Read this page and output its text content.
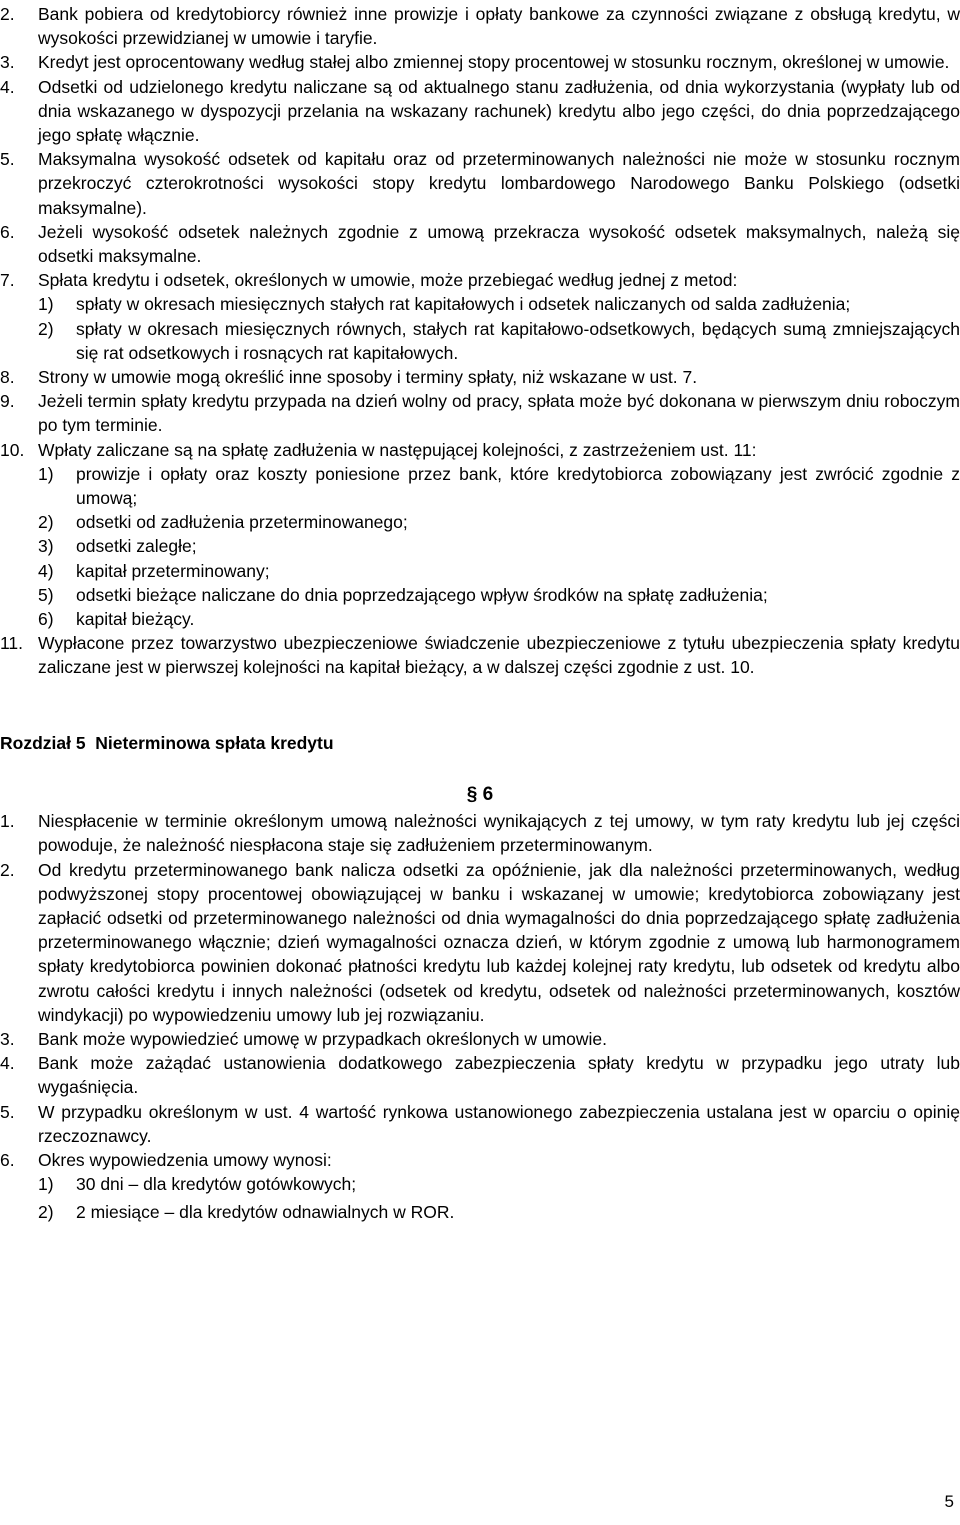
2.	Bank pobiera od kredytobiorcy również inne prowizje i opłaty bankowe za czynności związane z obsługą kredytu, w wysokości przewidzianej w umowie i taryfie.
3.	Kredyt jest oprocentowany według stałej albo zmiennej stopy procentowej w stosunku rocznym, określonej w umowie.
4.	Odsetki od udzielonego kredytu naliczane są od aktualnego stanu zadłużenia, od dnia wykorzystania (wypłaty lub od dnia wskazanego w dyspozycji przelania na wskazany rachunek) kredytu albo jego części, do dnia poprzedzającego jego spłatę włącznie.
5.	Maksymalna wysokość odsetek od kapitału oraz od przeterminowanych należności nie może w stosunku rocznym przekroczyć czterokrotności wysokości stopy kredytu lombardowego Narodowego Banku Polskiego (odsetki maksymalne).
6.	Jeżeli wysokość odsetek należnych zgodnie z umową przekracza wysokość odsetek maksymalnych, należą się odsetki maksymalne.
7.	Spłata kredytu i odsetek, określonych w umowie, może przebiegać według jednej z metod:
1)	spłaty w okresach miesięcznych stałych rat kapitałowych i odsetek naliczanych od salda zadłużenia;
2)	spłaty w okresach miesięcznych równych, stałych rat kapitałowo-odsetkowych, będących sumą zmniejszających się rat odsetkowych i rosnących rat kapitałowych.
8.	Strony w umowie mogą określić inne sposoby i terminy spłaty, niż wskazane w ust. 7.
9.	Jeżeli termin spłaty kredytu przypada na dzień wolny od pracy, spłata może być dokonana w pierwszym dniu roboczym po tym terminie.
10. Wpłaty zaliczane są na spłatę zadłużenia w następującej kolejności, z zastrzeżeniem ust. 11:
1)	prowizje i opłaty oraz koszty poniesione przez bank, które kredytobiorca zobowiązany jest zwrócić zgodnie z umową;
2)	odsetki od zadłużenia przeterminowanego;
3)	odsetki zaległe;
4)	kapitał przeterminowany;
5)	odsetki bieżące naliczane do dnia poprzedzającego wpływ środków na spłatę zadłużenia;
6)	kapitał bieżący.
11. Wypłacone przez towarzystwo ubezpieczeniowe świadczenie ubezpieczeniowe z tytułu ubezpieczenia spłaty kredytu zaliczane jest w pierwszej kolejności na kapitał bieżący, a w dalszej części zgodnie z ust. 10.
Rozdział 5  Nieterminowa spłata kredytu
§ 6
1.	Niespłacenie w terminie określonym umową należności wynikających z tej umowy, w tym raty kredytu lub jej części powoduje, że należność niespłacona staje się zadłużeniem przeterminowanym.
2.	Od kredytu przeterminowanego bank nalicza odsetki za opóźnienie, jak dla należności przeterminowanych, według podwyższonej stopy procentowej obowiązującej w banku i wskazanej w umowie; kredytobiorca zobowiązany jest zapłacić odsetki od przeterminowanego należności od dnia wymagalności do dnia poprzedzającego spłatę zadłużenia przeterminowanego włącznie; dzień wymagalności oznacza dzień, w którym zgodnie z umową lub harmonogramem spłaty kredytobiorca powinien dokonać płatności kredytu lub każdej kolejnej raty kredytu, lub odsetek od kredytu albo zwrotu całości kredytu i innych należności (odsetek od kredytu, odsetek od należności przeterminowanych, kosztów windykacji) po wypowiedzeniu umowy lub jej rozwiązaniu.
3.	Bank może wypowiedzieć umowę w przypadkach określonych w umowie.
4.	Bank może zażądać ustanowienia dodatkowego zabezpieczenia spłaty kredytu w przypadku jego utraty lub wygaśnięcia.
5.	W przypadku określonym w ust. 4 wartość rynkowa ustanowionego zabezpieczenia ustalana jest w oparciu o opinię rzeczoznawcy.
6.	Okres wypowiedzenia umowy wynosi:
1)	30 dni – dla kredytów gotówkowych;
2)	2 miesiące – dla kredytów odnawialnych w ROR.
5
